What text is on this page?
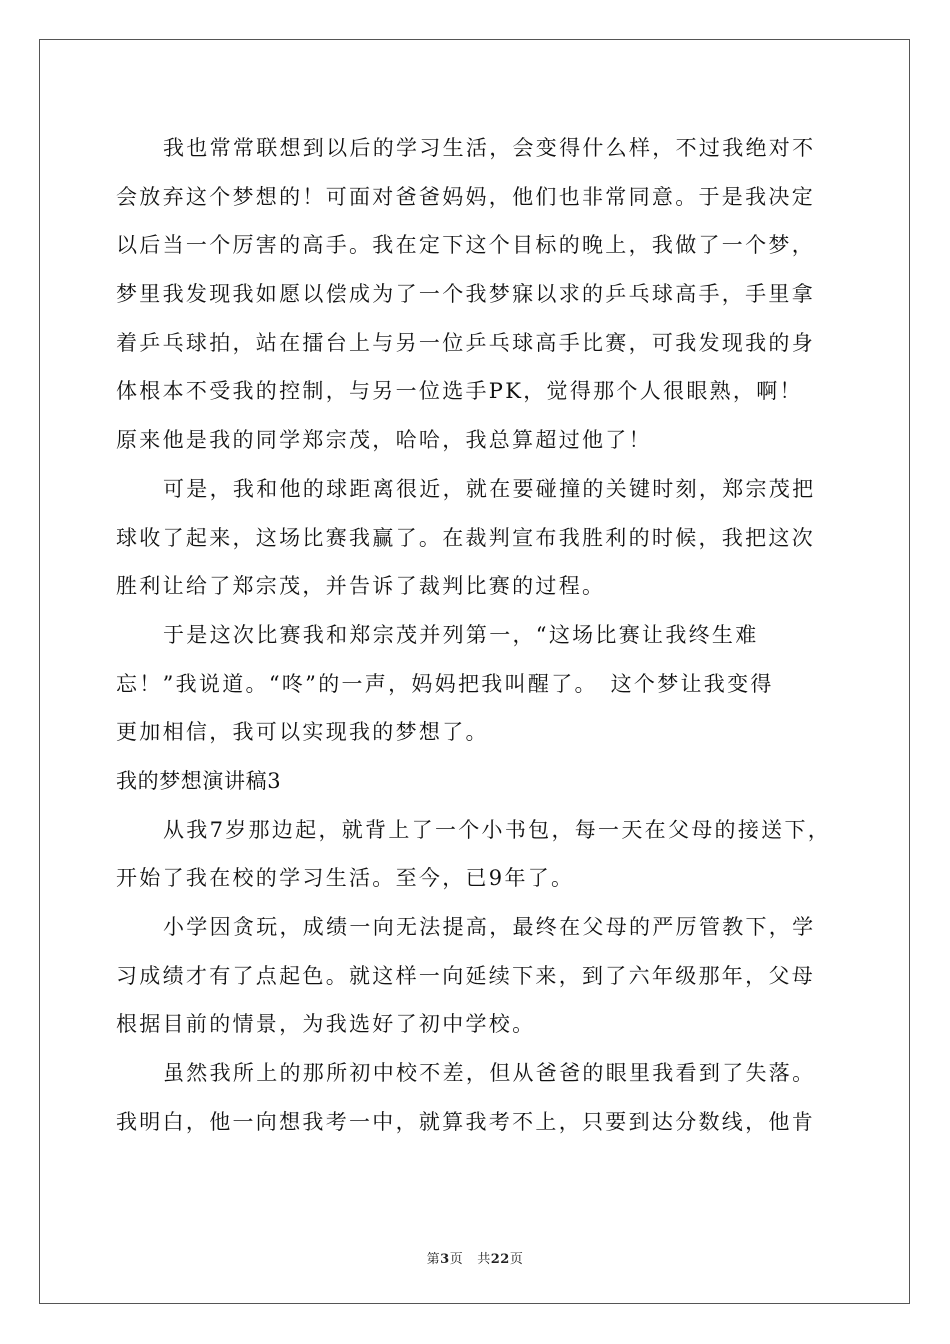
我也常常联想到以后的学习生活，会变得什么样，不过我绝对不
会放弃这个梦想的！可面对爸爸妈妈，他们也非常同意。于是我决定
以后当一个厉害的高手。我在定下这个目标的晚上，我做了一个梦，
梦里我发现我如愿以偿成为了一个我梦寐以求的乒乓球高手，手里拿
着乒乓球拍，站在擂台上与另一位乒乓球高手比赛，可我发现我的身
体根本不受我的控制，与另一位选手PK，觉得那个人很眼熟，啊！
原来他是我的同学郑宗茂，哈哈，我总算超过他了！
可是，我和他的球距离很近，就在要碰撞的关键时刻，郑宗茂把
球收了起来，这场比赛我赢了。在裁判宣布我胜利的时候，我把这次
胜利让给了郑宗茂，并告诉了裁判比赛的过程。
于是这次比赛我和郑宗茂并列第一，“这场比赛让我终生难
忘！”我说道。“咚”的一声，妈妈把我叫醒了。　这个梦让我变得
更加相信，我可以实现我的梦想了。
我的梦想演讲稿3
从我7岁那边起，就背上了一个小书包，每一天在父母的接送下，
开始了我在校的学习生活。至今，已9年了。
小学因贪玩，成绩一向无法提高，最终在父母的严厉管教下，学
习成绩才有了点起色。就这样一向延续下来，到了六年级那年，父母
根据目前的情景，为我选好了初中学校。
虽然我所上的那所初中校不差，但从爸爸的眼里我看到了失落。
我明白，他一向想我考一中，就算我考不上，只要到达分数线，他肯
第3页 共22页
